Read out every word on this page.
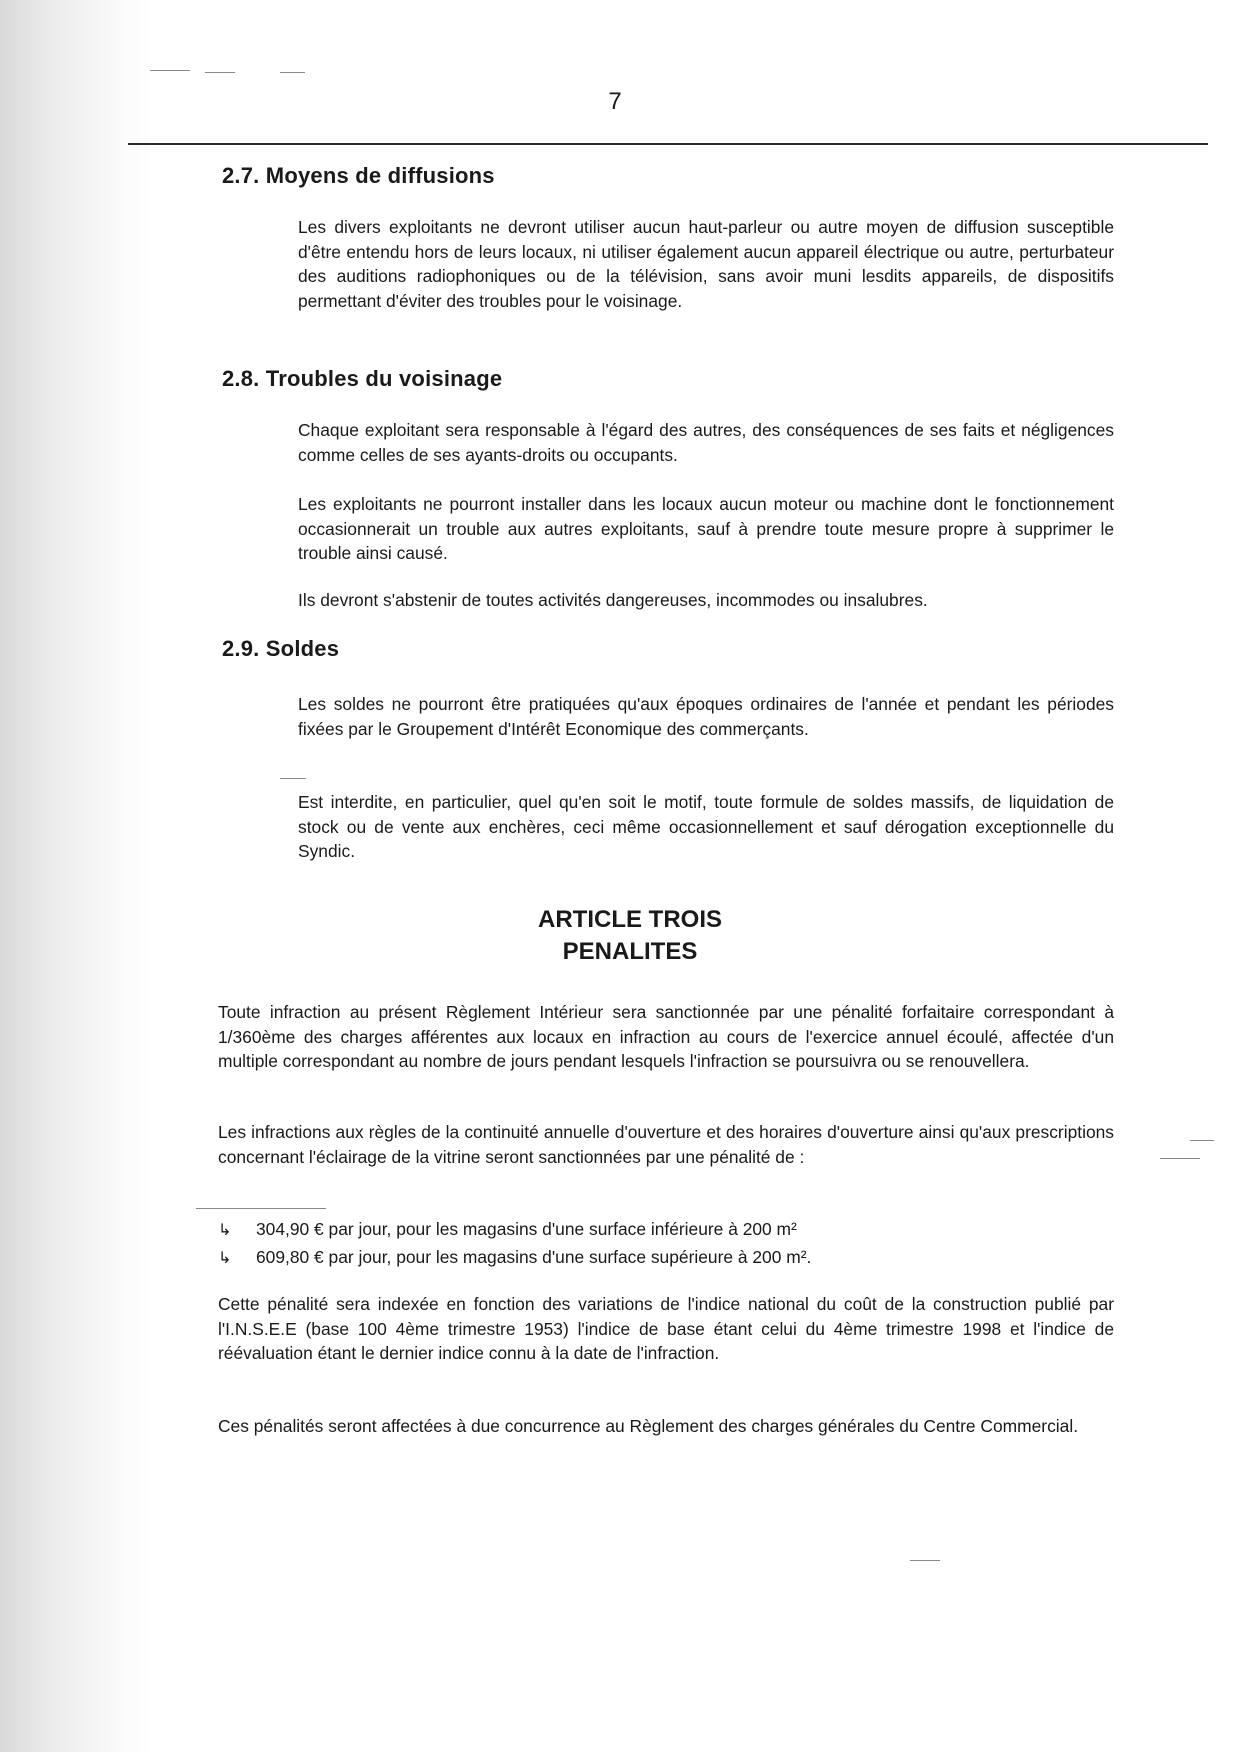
7
2.7. Moyens de diffusions
Les divers exploitants ne devront utiliser aucun haut-parleur ou autre moyen de diffusion susceptible d'être entendu hors de leurs locaux, ni utiliser également aucun appareil électrique ou autre, perturbateur des auditions radiophoniques ou de la télévision, sans avoir muni lesdits appareils, de dispositifs permettant d'éviter des troubles pour le voisinage.
2.8. Troubles du voisinage
Chaque exploitant sera responsable à l'égard des autres, des conséquences de ses faits et négligences comme celles de ses ayants-droits ou occupants.
Les exploitants ne pourront installer dans les locaux aucun moteur ou machine dont le fonctionnement occasionnerait un trouble aux autres exploitants, sauf à prendre toute mesure propre à supprimer le trouble ainsi causé.
Ils devront s'abstenir de toutes activités dangereuses, incommodes ou insalubres.
2.9. Soldes
Les soldes ne pourront être pratiquées qu'aux époques ordinaires de l'année et pendant les périodes fixées par le Groupement d'Intérêt Economique des commerçants.
Est interdite, en particulier, quel qu'en soit le motif, toute formule de soldes massifs, de liquidation de stock ou de vente aux enchères, ceci même occasionnellement et sauf dérogation exceptionnelle du Syndic.
ARTICLE TROIS
PENALITES
Toute infraction au présent Règlement Intérieur sera sanctionnée par une pénalité forfaitaire correspondant à 1/360ème des charges afférentes aux locaux en infraction au cours de l'exercice annuel écoulé, affectée d'un multiple correspondant au nombre de jours pendant lesquels l'infraction se poursuivra ou se renouvellera.
Les infractions aux règles de la continuité annuelle d'ouverture et des horaires d'ouverture ainsi qu'aux prescriptions concernant l'éclairage de la vitrine seront sanctionnées par une pénalité de :
↳	304,90 € par jour, pour les magasins d'une surface inférieure à 200 m²
↳	609,80 € par jour, pour les magasins d'une surface supérieure à 200 m².
Cette pénalité sera indexée en fonction des variations de l'indice national du coût de la construction publié par l'I.N.S.E.E (base 100 4ème trimestre 1953) l'indice de base étant celui du 4ème trimestre 1998 et l'indice de réévaluation étant le dernier indice connu à la date de l'infraction.
Ces pénalités seront affectées à due concurrence au Règlement des charges générales du Centre Commercial.
